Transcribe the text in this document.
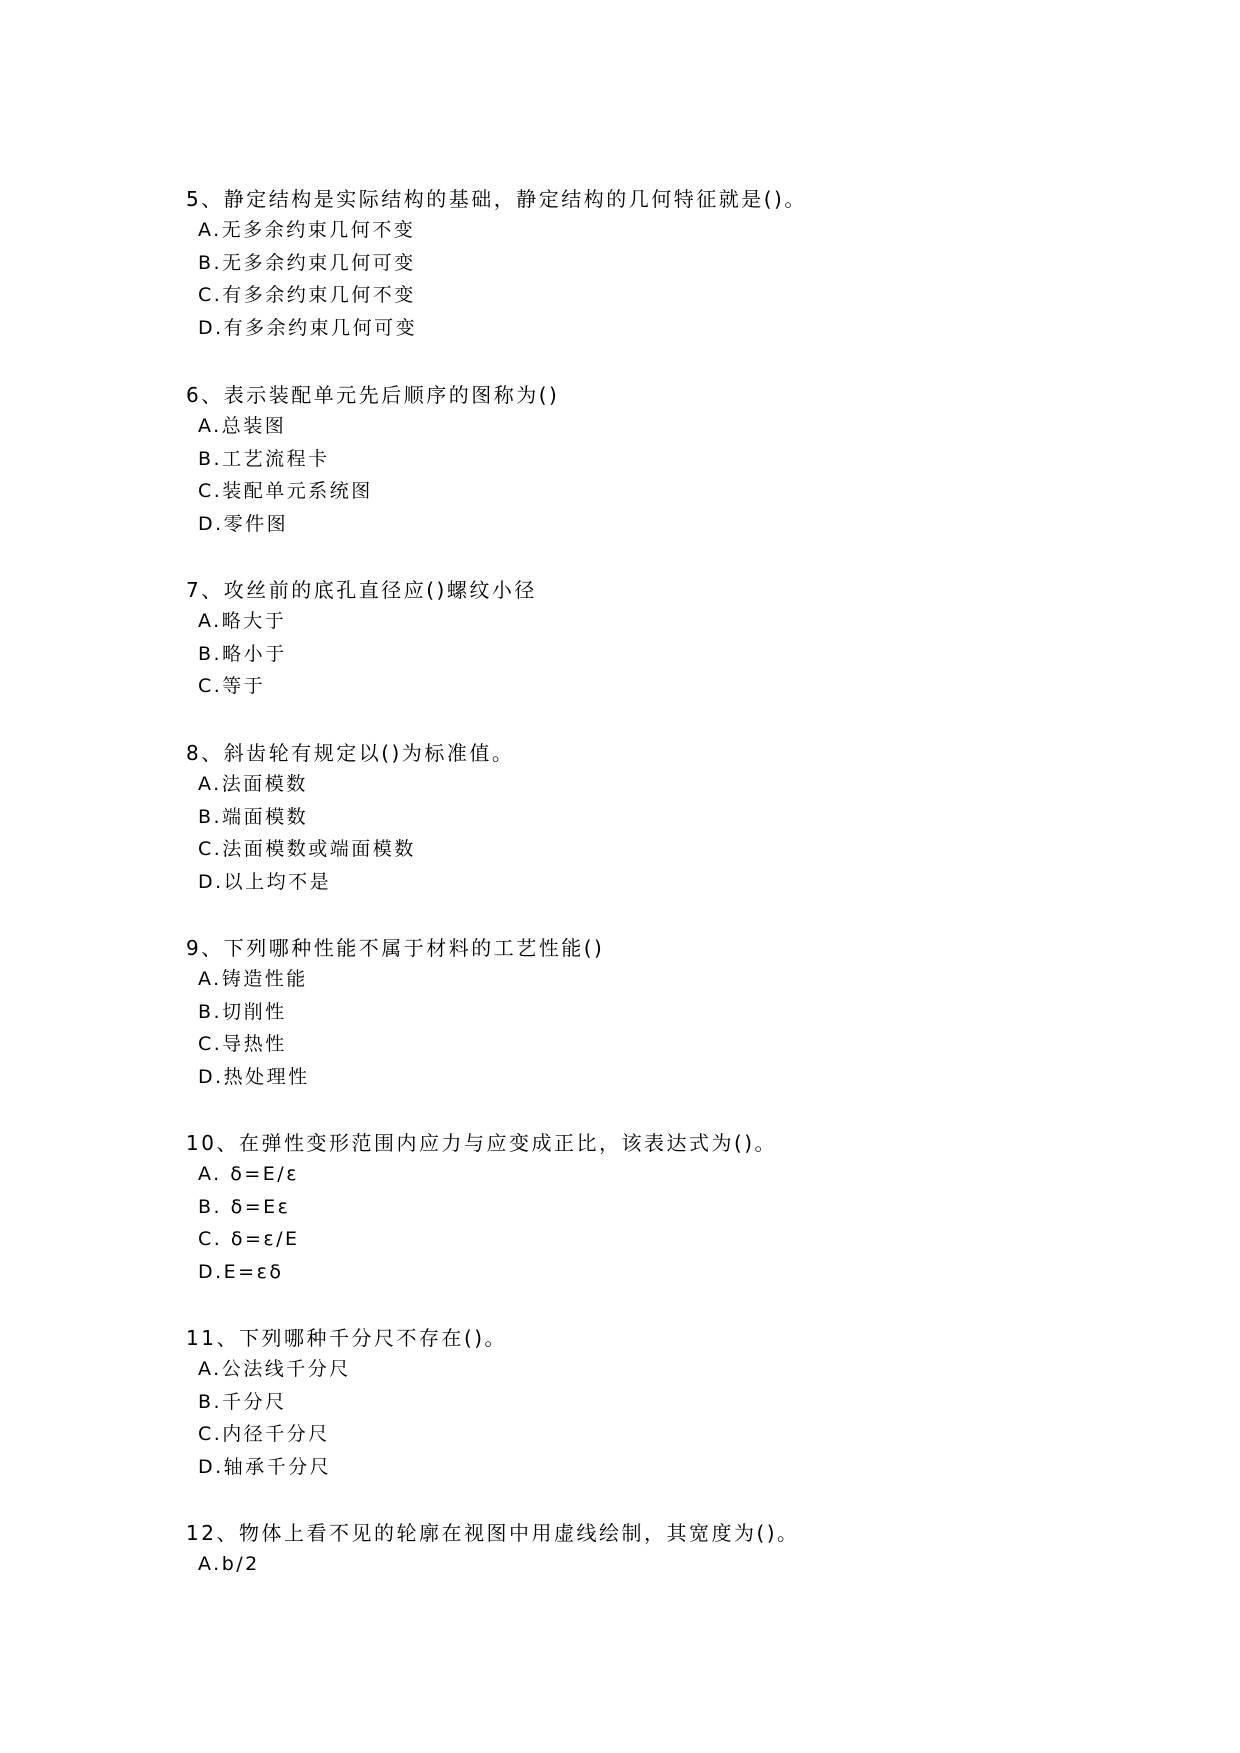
5、静定结构是实际结构的基础，静定结构的几何特征就是()。
A.无多余约束几何不变
B.无多余约束几何可变
C.有多余约束几何不变
D.有多余约束几何可变
6、表示装配单元先后顺序的图称为()
A.总装图
B.工艺流程卡
C.装配单元系统图
D.零件图
7、攻丝前的底孔直径应()螺纹小径
A.略大于
B.略小于
C.等于
8、斜齿轮有规定以()为标准值。
A.法面模数
B.端面模数
C.法面模数或端面模数
D.以上均不是
9、下列哪种性能不属于材料的工艺性能()
A.铸造性能
B.切削性
C.导热性
D.热处理性
10、在弹性变形范围内应力与应变成正比，该表达式为()。
A. δ=E/ε
B. δ=Eε
C. δ=ε/E
D.E=εδ
11、下列哪种千分尺不存在()。
A.公法线千分尺
B.千分尺
C.内径千分尺
D.轴承千分尺
12、物体上看不见的轮廓在视图中用虚线绘制，其宽度为()。
A.b/2
